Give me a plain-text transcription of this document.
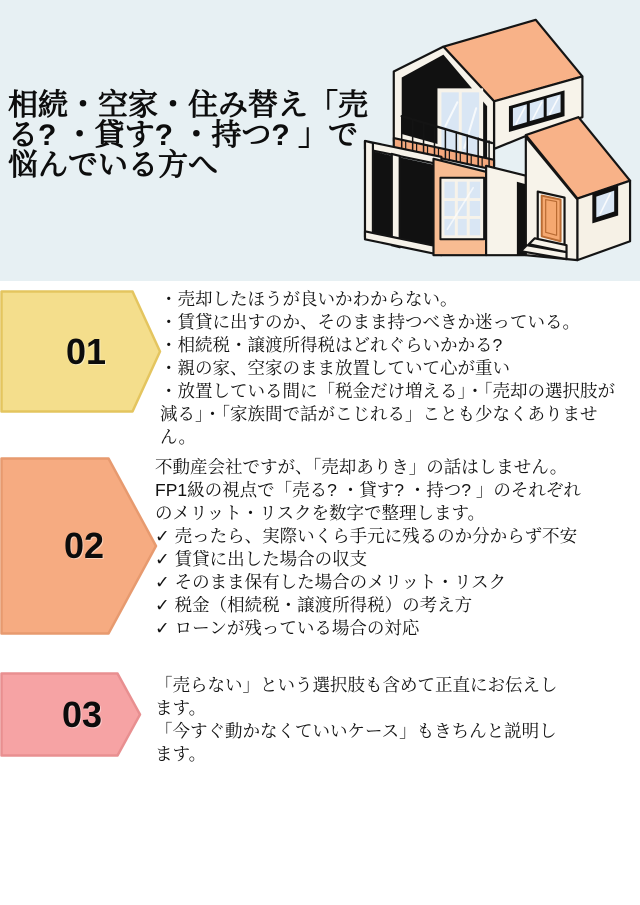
相続・空家・住み替え「売
る? ・貸す? ・持つ? 」で
悩んでいる方へ
01
・売却したほうが良いかわからない。
・賃貸に出すのか、そのまま持つべきか迷っている。
・相続税・譲渡所得税はどれぐらいかかる?
・親の家、空家のまま放置していて心が重い
・放置している間に「税金だけ増える」・「売却の選択肢が
減る」・「家族間で話がこじれる」ことも少なくありませ
ん。
02
不動産会社ですが、「売却ありき」の話はしません。
FP1級の視点で「売る? ・貸す? ・持つ? 」のそれぞれ
のメリット・リスクを数字で整理します。
✓ 売ったら、実際いくら手元に残るのか分からず不安
✓ 賃貸に出した場合の収支
✓ そのまま保有した場合のメリット・リスク
✓ 税金（相続税・譲渡所得税）の考え方
✓ ローンが残っている場合の対応
03
「売らない」という選択肢も含めて正直にお伝えし
ます。
「今すぐ動かなくていいケース」もきちんと説明し
ます。
